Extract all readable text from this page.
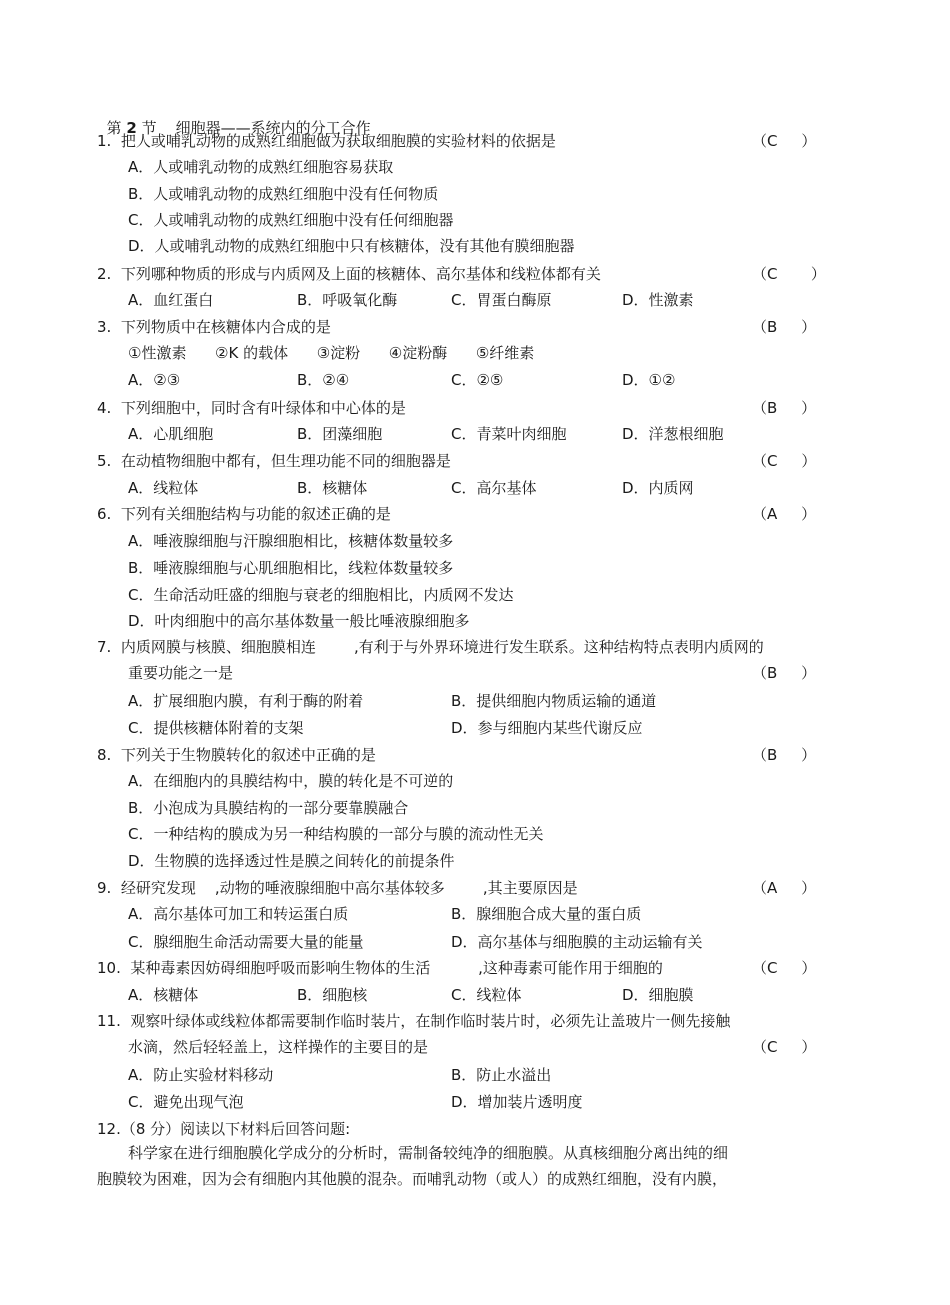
第 2 节 细胞器——系统内的分工合作

1.  把人或哺乳动物的成熟红细胞做为获取细胞膜的实验材料的依据是	（C     ）
A．人或哺乳动物的成熟红细胞容易获取
B．人或哺乳动物的成熟红细胞中没有任何物质
C．人或哺乳动物的成熟红细胞中没有任何细胞器
D．人或哺乳动物的成熟红细胞中只有核糖体，没有其他有膜细胞器
2.  下列哪种物质的形成与内质网及上面的核糖体、高尔基体和线粒体都有关	（C       ）
A．血红蛋白	B．呼吸氧化酶	C．胃蛋白酶原	D．性激素
3.  下列物质中在核糖体内合成的是	（B     ）
①性激素      ②K 的载体      ③淀粉      ④淀粉酶      ⑤纤维素
A．②③	B．②④	C．②⑤	D．①②
4.  下列细胞中，同时含有叶绿体和中心体的是	（B     ）
A．心肌细胞	B．团藻细胞	C．青菜叶肉细胞	D．洋葱根细胞
5.  在动植物细胞中都有，但生理功能不同的细胞器是	（C     ）
A．线粒体	B．核糖体	C．高尔基体	D．内质网
6.  下列有关细胞结构与功能的叙述正确的是	（A     ）
A．唾液腺细胞与汗腺细胞相比，核糖体数量较多
B．唾液腺细胞与心肌细胞相比，线粒体数量较多
C．生命活动旺盛的细胞与衰老的细胞相比，内质网不发达
D．叶肉细胞中的高尔基体数量一般比唾液腺细胞多
7.  内质网膜与核膜、细胞膜相连        ,有利于与外界环境进行发生联系。这种结构特点表明内质网的
重要功能之一是	（B     ）
A．扩展细胞内膜，有利于酶的附着	B．提供细胞内物质运输的通道
C．提供核糖体附着的支架	D．参与细胞内某些代谢反应
8.  下列关于生物膜转化的叙述中正确的是	（B     ）
A．在细胞内的具膜结构中，膜的转化是不可逆的
B．小泡成为具膜结构的一部分要靠膜融合
C．一种结构的膜成为另一种结构膜的一部分与膜的流动性无关
D．生物膜的选择透过性是膜之间转化的前提条件
9.  经研究发现    ,动物的唾液腺细胞中高尔基体较多        ,其主要原因是	（A     ）
A．高尔基体可加工和转运蛋白质	B．腺细胞合成大量的蛋白质
C．腺细胞生命活动需要大量的能量	D．高尔基体与细胞膜的主动运输有关
10.  某种毒素因妨碍细胞呼吸而影响生物体的生活          ,这种毒素可能作用于细胞的	（C     ）
A．核糖体	B．细胞核	C．线粒体	D．细胞膜
11.  观察叶绿体或线粒体都需要制作临时装片，在制作临时装片时，必须先让盖玻片一侧先接触
水滴，然后轻轻盖上，这样操作的主要目的是	（C     ）
A．防止实验材料移动	B．防止水溢出
C．避免出现气泡	D．增加装片透明度
12.（8 分）阅读以下材料后回答问题:
科学家在进行细胞膜化学成分的分析时，需制备较纯净的细胞膜。从真核细胞分离出纯的细
胞膜较为困难，因为会有细胞内其他膜的混杂。而哺乳动物（或人）的成熟红细胞，没有内膜，
